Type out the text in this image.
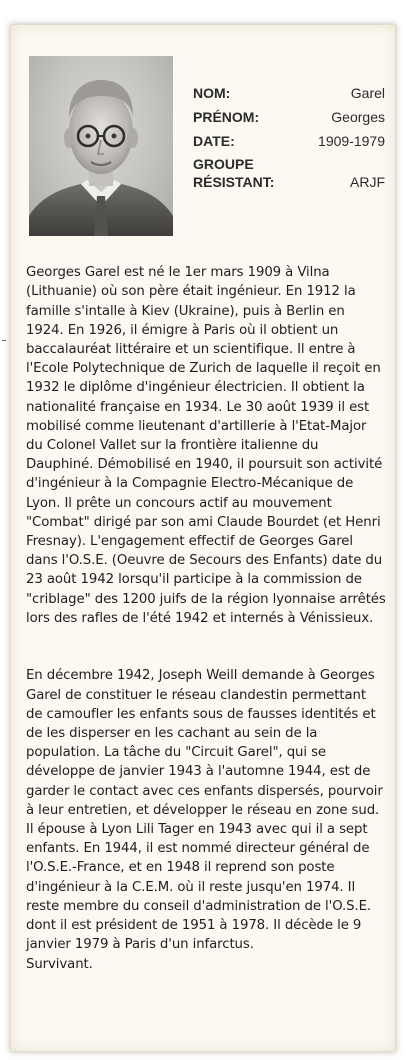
NOM:	Garel
PRÉNOM:	Georges
DATE:	1909-1979
GROUPE
RÉSISTANT:	ARJF

Georges Garel est né le 1er mars 1909 à Vilna (Lithuanie) où son père était ingénieur. En 1912 la famille s'intalle à Kiev (Ukraine), puis à Berlin en 1924. En 1926, il émigre à Paris où il obtient un baccalauréat littéraire et un scientifique. Il entre à l'Ecole Polytechnique de Zurich de laquelle il reçoit en 1932 le diplôme d'ingénieur électricien. Il obtient la nationalité française en 1934. Le 30 août 1939 il est mobilisé comme lieutenant d'artillerie à l'Etat-Major du Colonel Vallet sur la frontière italienne du Dauphiné. Démobilisé en 1940, il poursuit son activité d'ingénieur à la Compagnie Electro-Mécanique de Lyon. Il prête un concours actif au mouvement "Combat" dirigé par son ami Claude Bourdet (et Henri Fresnay). L'engagement effectif de Georges Garel dans l'O.S.E. (Oeuvre de Secours des Enfants) date du 23 août 1942 lorsqu'il participe à la commission de "criblage" des 1200 juifs de la région lyonnaise arrêtés lors des rafles de l'été 1942 et internés à Vénissieux.

En décembre 1942, Joseph Weill demande à Georges Garel de constituer le réseau clandestin permettant de camoufler les enfants sous de fausses identités et de les disperser en les cachant au sein de la population. La tâche du "Circuit Garel", qui se développe de janvier 1943 à l'automne 1944, est de garder le contact avec ces enfants dispersés, pourvoir à leur entretien, et développer le réseau en zone sud. Il épouse à Lyon Lili Tager en 1943 avec qui il a sept enfants. En 1944, il est nommé directeur général de l'O.S.E.-France, et en 1948 il reprend son poste d'ingénieur à la C.E.M. où il reste jusqu'en 1974. Il reste membre du conseil d'administration de l'O.S.E. dont il est président de 1951 à 1978. Il décède le 9 janvier 1979 à Paris d'un infarctus.
Survivant.
